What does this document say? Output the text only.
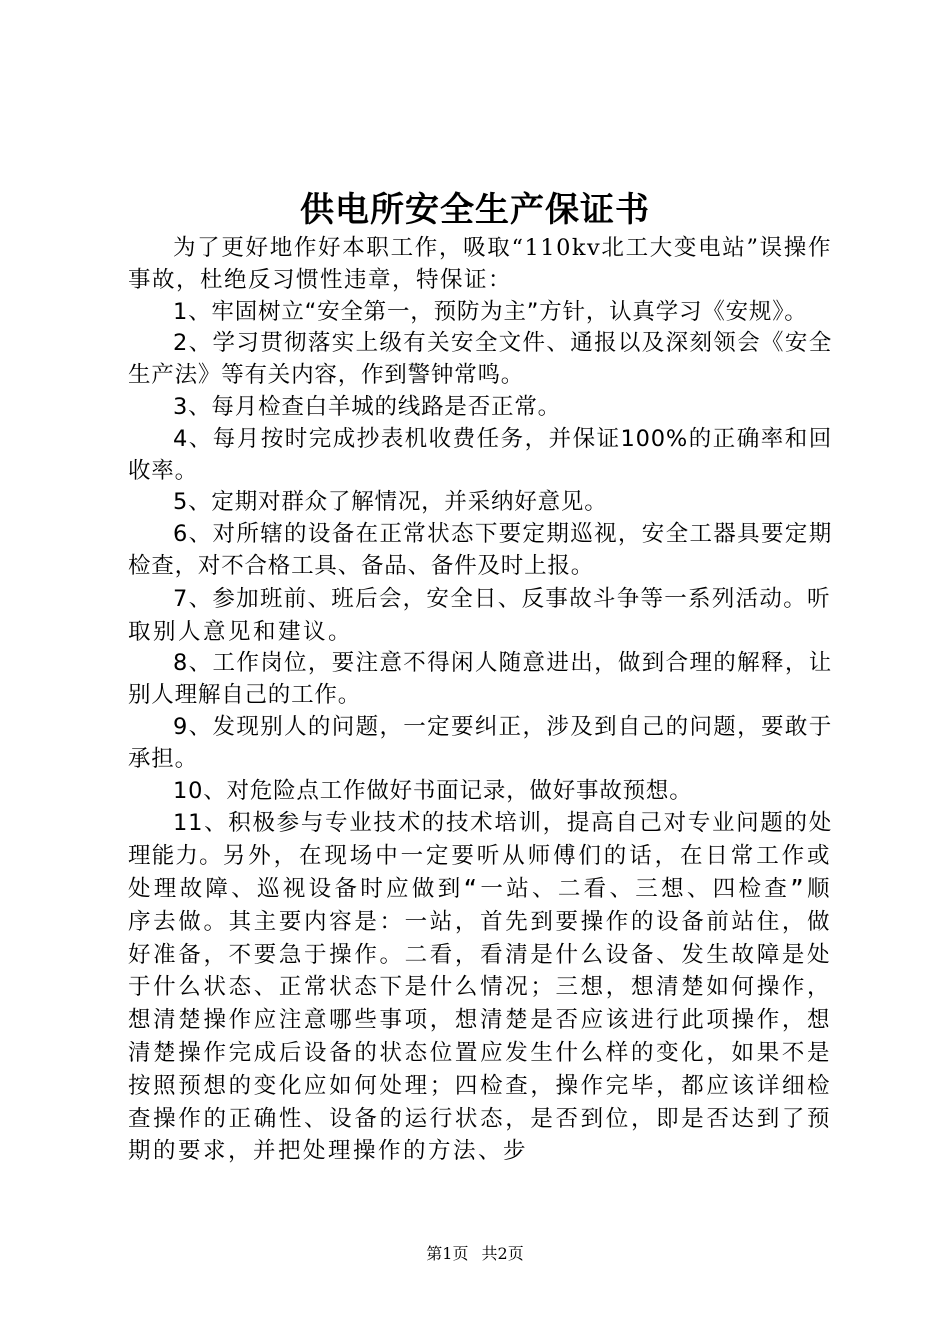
供电所安全生产保证书

为了更好地作好本职工作，吸取“110kv北工大变电站”误操作事故，杜绝反习惯性违章，特保证：

1、牢固树立“安全第一，预防为主”方针，认真学习《安规》。

2、学习贯彻落实上级有关安全文件、通报以及深刻领会《安全生产法》等有关内容，作到警钟常鸣。

3、每月检查白羊城的线路是否正常。

4、每月按时完成抄表机收费任务，并保证100%的正确率和回收率。

5、定期对群众了解情况，并采纳好意见。

6、对所辖的设备在正常状态下要定期巡视，安全工器具要定期检查，对不合格工具、备品、备件及时上报。

7、参加班前、班后会，安全日、反事故斗争等一系列活动。听取别人意见和建议。

8、工作岗位，要注意不得闲人随意进出，做到合理的解释，让别人理解自己的工作。

9、发现别人的问题，一定要纠正，涉及到自己的问题，要敢于承担。

10、对危险点工作做好书面记录，做好事故预想。

11、积极参与专业技术的技术培训，提高自己对专业问题的处理能力。另外，在现场中一定要听从师傅们的话，在日常工作或处理故障、巡视设备时应做到“一站、二看、三想、四检查”顺序去做。其主要内容是：一站，首先到要操作的设备前站住，做好准备，不要急于操作。二看，看清是什么设备、发生故障是处于什么状态、正常状态下是什么情况；三想，想清楚如何操作，想清楚操作应注意哪些事项，想清楚是否应该进行此项操作，想清楚操作完成后设备的状态位置应发生什么样的变化，如果不是按照预想的变化应如何处理；四检查，操作完毕，都应该详细检查操作的正确性、设备的运行状态，是否到位，即是否达到了预期的要求，并把处理操作的方法、步

第1页 共2页
